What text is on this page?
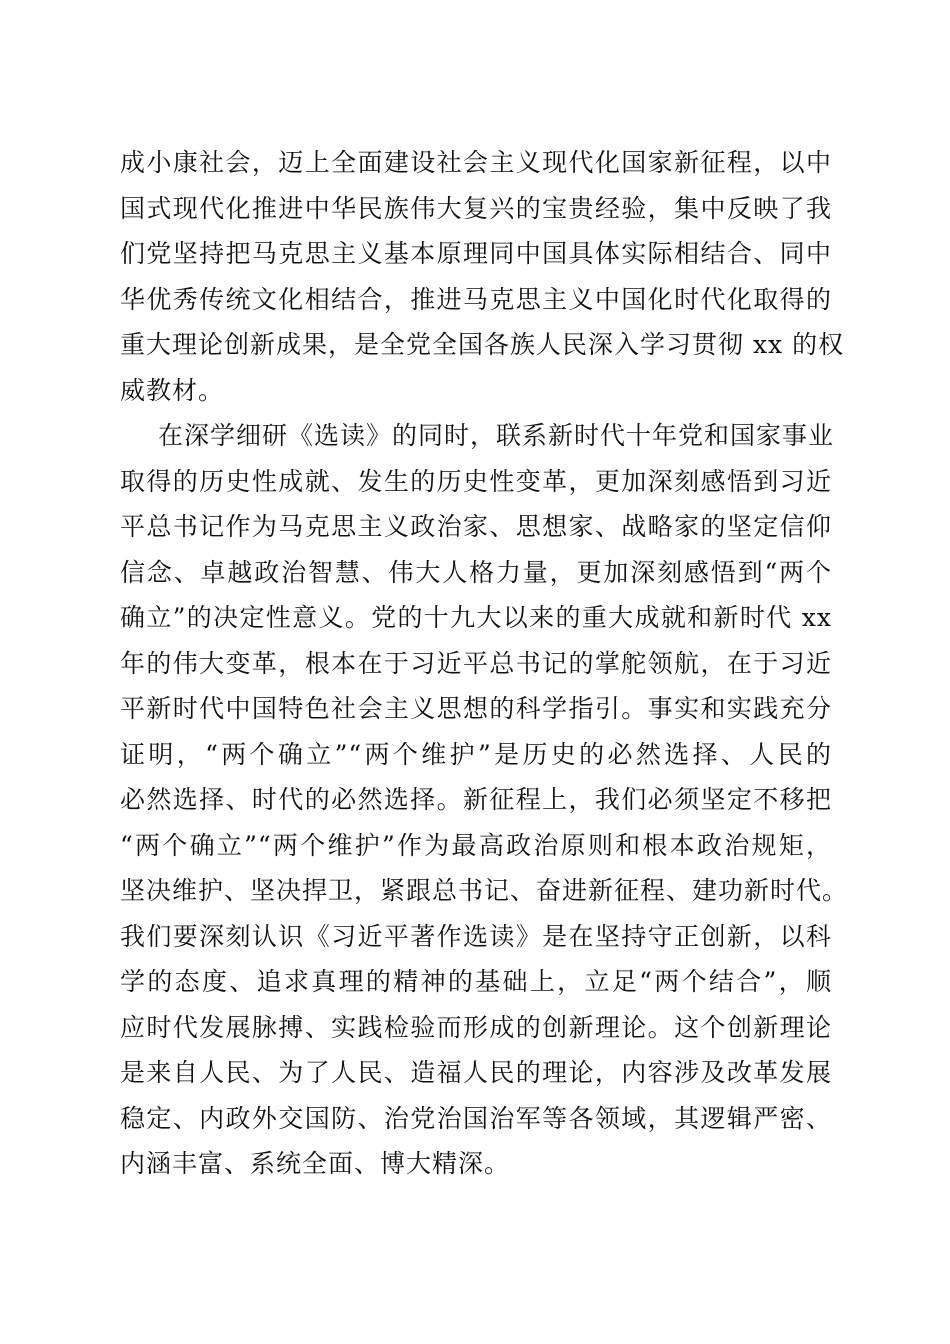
成小康社会，迈上全面建设社会主义现代化国家新征程，以中
国式现代化推进中华民族伟大复兴的宝贵经验，集中反映了我
们党坚持把马克思主义基本原理同中国具体实际相结合、同中
华优秀传统文化相结合，推进马克思主义中国化时代化取得的
重大理论创新成果，是全党全国各族人民深入学习贯彻 xx 的权
威教材。
在深学细研《选读》的同时，联系新时代十年党和国家事业
取得的历史性成就、发生的历史性变革，更加深刻感悟到习近
平总书记作为马克思主义政治家、思想家、战略家的坚定信仰
信念、卓越政治智慧、伟大人格力量，更加深刻感悟到“两个
确立”的决定性意义。党的十九大以来的重大成就和新时代 xx
年的伟大变革，根本在于习近平总书记的掌舵领航，在于习近
平新时代中国特色社会主义思想的科学指引。事实和实践充分
证明，“两个确立”“两个维护”是历史的必然选择、人民的
必然选择、时代的必然选择。新征程上，我们必须坚定不移把
“两个确立”“两个维护”作为最高政治原则和根本政治规矩，
坚决维护、坚决捍卫，紧跟总书记、奋进新征程、建功新时代。
我们要深刻认识《习近平著作选读》是在坚持守正创新，以科
学的态度、追求真理的精神的基础上，立足“两个结合”，顺
应时代发展脉搏、实践检验而形成的创新理论。这个创新理论
是来自人民、为了人民、造福人民的理论，内容涉及改革发展
稳定、内政外交国防、治党治国治军等各领域，其逻辑严密、
内涵丰富、系统全面、博大精深。
